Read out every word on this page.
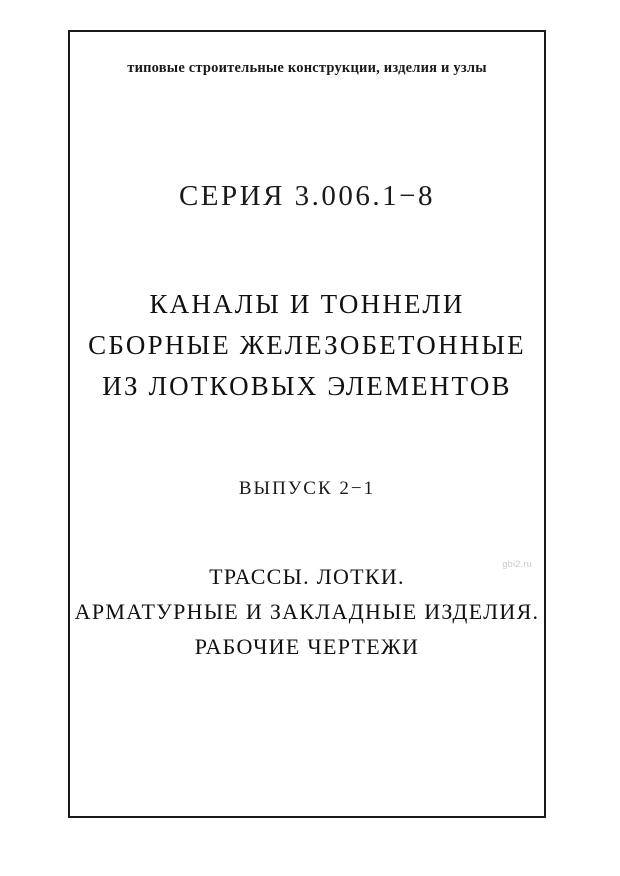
типовые строительные конструкции, изделия и узлы
СЕРИЯ 3.006.1−8
КАНАЛЫ И ТОННЕЛИ
СБОРНЫЕ ЖЕЛЕЗОБЕТОННЫЕ
ИЗ ЛОТКОВЫХ ЭЛЕМЕНТОВ
ВЫПУСК 2−1
ТРАССЫ. ЛОТКИ.
АРМАТУРНЫЕ И ЗАКЛАДНЫЕ ИЗДЕЛИЯ.
РАБОЧИЕ ЧЕРТЕЖИ
gbi2.ru
